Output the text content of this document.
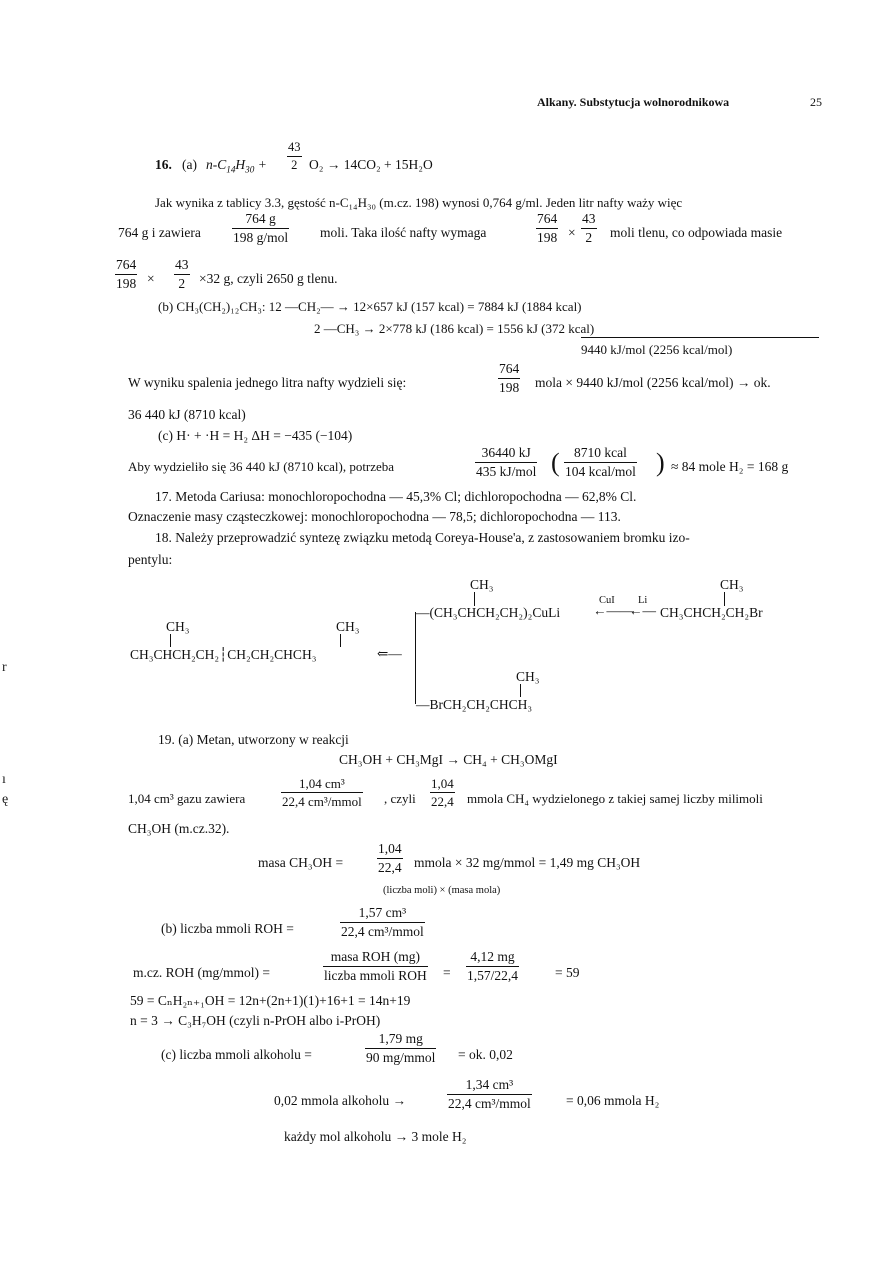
Alkany. Substytucja wolnorodnikowa	25
16. (a) $n-C_{14}H_{30} + \frac{43}{2} O_2 \to 14CO_2 + 15H_2O$
Jak wynika z tablicy 3.3, gęstość n-C₁₄H₃₀ (m.cz. 198) wynosi 0,764 g/ml. Jeden litr nafty waży więc
764 g i zawiera
764 g
198 g/mol moli. Taka ilość nafty wymaga	$\frac{764}{198} \times \frac{43}{2}$ moli tlenu, co odpowiada masie
$\frac{764}{198} \times \frac{43}{2} \times 32$ g, czyli 2650 g tlenu.
(b) CH₃(CH₂)₁₂CH₃: 12 —CH₂— → 12×657 kJ (157 kcal) = 7884 kJ (1884 kcal)
2 —CH₃ → 2×778 kJ (186 kcal) = 1556 kJ (372 kcal)
9440 kJ/mol (2256 kcal/mol)
W wyniku spalenia jednego litra nafty wydzieli się:	$\frac{764}{198}$ mola × 9440 kJ/mol (2256 kcal/mol) → ok.
36 440 kJ (8710 kcal)
(c) H· + ·H = H₂ ΔH = −435 (−104)
Aby wydzieliło się 36 440 kJ (8710 kcal), potrzeba
36440 kJ
435 kJ/mol (	8710 kcal
104 kcal/mol ) ≈ 84 mole H₂ = 168 g
17. Metoda Cariusa: monochloropochodna — 45,3% Cl; dichloropochodna — 62,8% Cl.
Oznaczenie masy cząsteczkowej: monochloropochodna — 78,5; dichloropochodna — 113.
18. Należy przeprowadzić syntezę związku metodą Coreya-House'a, z zastosowaniem bromku izo-
pentylu:
CH₃	CH₃
—(CH₃CHCH₂CH₂)₂CuLi
CuI
←——
Li
←— CH₃CHCH₂CH₂Br
CH₃	CH₃
CH₃CHCH₂CH₂┆CH₂CH₂CHCH₃	⇐—
CH₃
—BrCH₂CH₂CHCH₃
19. (a) Metan, utworzony w reakcji
CH₃OH + CH₃MgI → CH₄ + CH₃OMgI
1,04 cm³ gazu zawiera
1,04 cm³
22,4 cm³/mmol , czyli $\frac{1,04}{22,4}$ mmola CH₄ wydzielonego z takiej samej liczby milimoli
CH₃OH (m.cz.32).
masa CH₃OH =	$\frac{1,04}{22,4}$ mmola × 32 mg/mmol = 1,49 mg CH₃OH
(liczba moli) × (masa mola)
(b) liczba mmoli ROH =
1,57 cm³
22,4 cm³/mmol
m.cz. ROH (mg/mmol) =
masa ROH (mg)
liczba mmoli ROH = $\frac{4,12 mg}{1,57/22,4}$	= 59
59 = CₙH₂ₙ₊₁OH = 12n+(2n+1)(1)+16+1 = 14n+19
n = 3 → C₃H₇OH (czyli n-PrOH albo i-PrOH)
(c) liczba mmoli alkoholu =
1,79 mg
90 mg/mmol = ok. 0,02
0,02 mmola alkoholu →
1,34 cm³
22,4 cm³/mmol	= 0,06 mmola H₂
każdy mol alkoholu → 3 mole H₂
r
ı
ę
